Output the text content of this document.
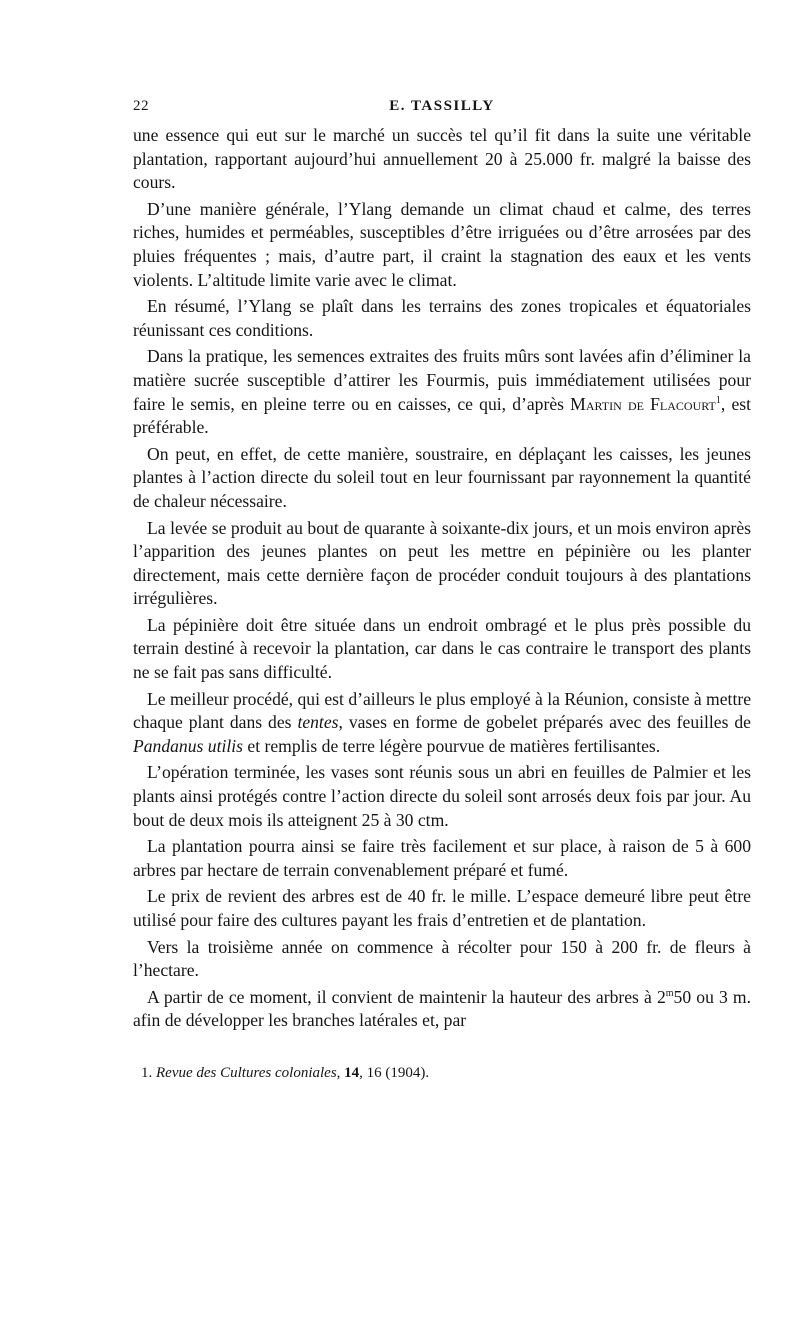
22	E. TASSILLY

une essence qui eut sur le marché un succès tel qu’il fit dans la suite une véritable plantation, rapportant aujourd’hui annuellement 20 à 25.000 fr. malgré la baisse des cours.

D’une manière générale, l’Ylang demande un climat chaud et calme, des terres riches, humides et perméables, susceptibles d’être irriguées ou d’être arrosées par des pluies fréquentes ; mais, d’autre part, il craint la stagnation des eaux et les vents violents. L’altitude limite varie avec le climat.

En résumé, l’Ylang se plaît dans les terrains des zones tropicales et équatoriales réunissant ces conditions.

Dans la pratique, les semences extraites des fruits mûrs sont lavées afin d’éliminer la matière sucrée susceptible d’attirer les Fourmis, puis immédiatement utilisées pour faire le semis, en pleine terre ou en caisses, ce qui, d’après Martin de Flacourt$^1$, est préférable.

On peut, en effet, de cette manière, soustraire, en déplaçant les caisses, les jeunes plantes à l’action directe du soleil tout en leur fournissant par rayonnement la quantité de chaleur nécessaire.

La levée se produit au bout de quarante à soixante-dix jours, et un mois environ après l’apparition des jeunes plantes on peut les mettre en pépinière ou les planter directement, mais cette dernière façon de procéder conduit toujours à des plantations irrégulières.

La pépinière doit être située dans un endroit ombragé et le plus près possible du terrain destiné à recevoir la plantation, car dans le cas contraire le transport des plants ne se fait pas sans difficulté.

Le meilleur procédé, qui est d’ailleurs le plus employé à la Réunion, consiste à mettre chaque plant dans des tentes, vases en forme de gobelet préparés avec des feuilles de Pandanus utilis et remplis de terre légère pourvue de matières fertilisantes.

L’opération terminée, les vases sont réunis sous un abri en feuilles de Palmier et les plants ainsi protégés contre l’action directe du soleil sont arrosés deux fois par jour. Au bout de deux mois ils atteignent 25 à 30 ctm.

La plantation pourra ainsi se faire très facilement et sur place, à raison de 5 à 600 arbres par hectare de terrain convenablement préparé et fumé.

Le prix de revient des arbres est de 40 fr. le mille. L’espace demeuré libre peut être utilisé pour faire des cultures payant les frais d’entretien et de plantation.

Vers la troisième année on commence à récolter pour 150 à 200 fr. de fleurs à l’hectare.

A partir de ce moment, il convient de maintenir la hauteur des arbres à 2$^m$50 ou 3 m. afin de développer les branches latérales et, par

1. Revue des Cultures coloniales, 14, 16 (1904).
